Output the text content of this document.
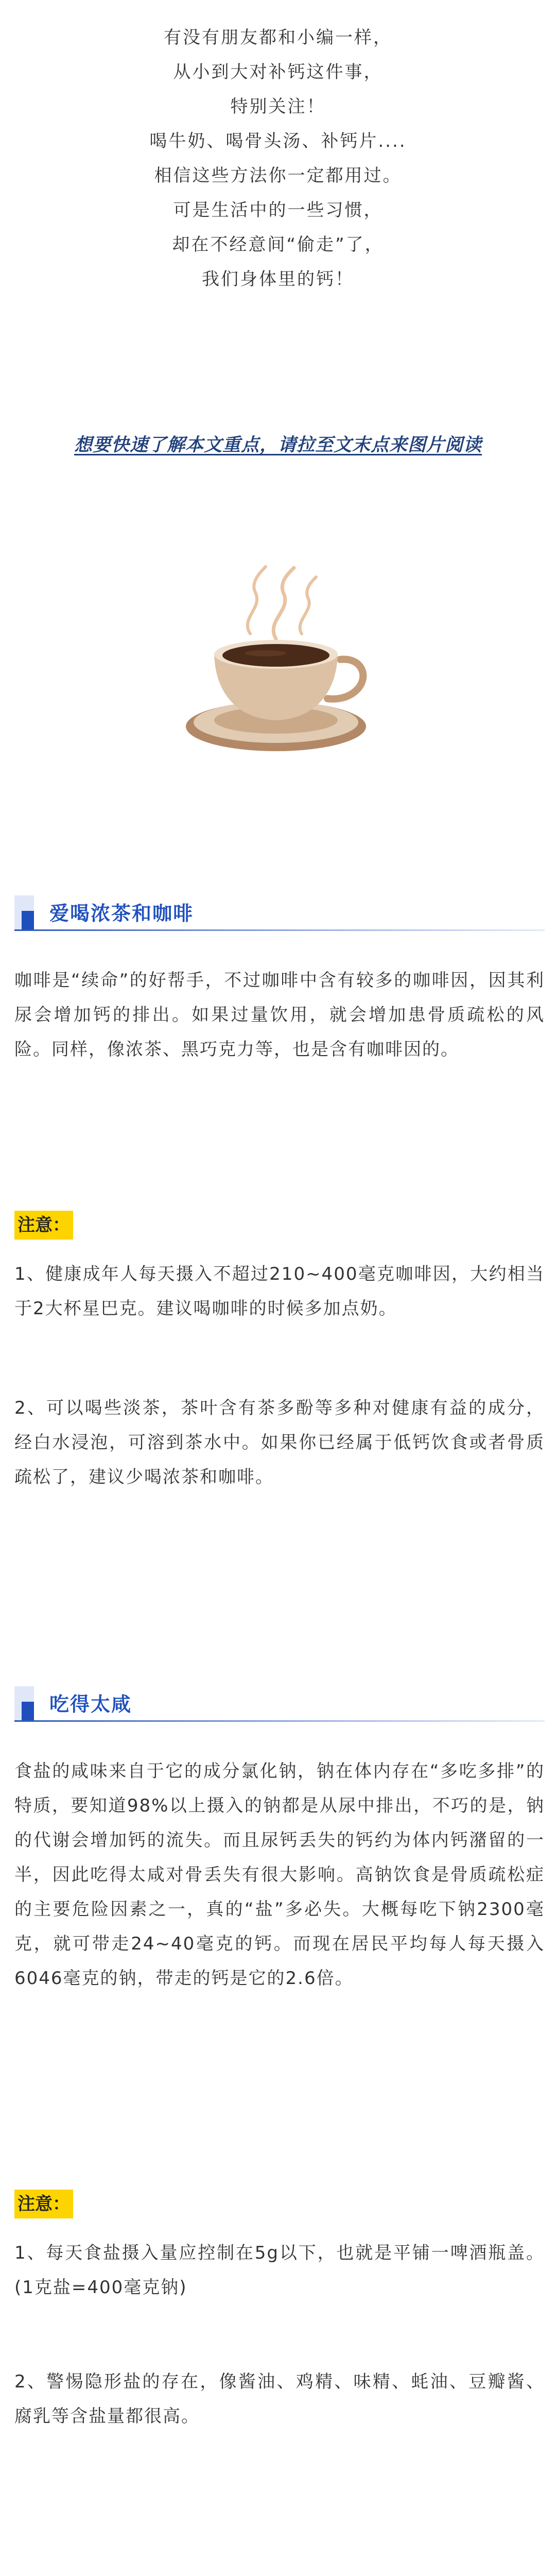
有没有朋友都和小编一样，
从小到大对补钙这件事，
特别关注！
喝牛奶、喝骨头汤、补钙片....
相信这些方法你一定都用过。
可是生活中的一些习惯，
却在不经意间“偷走”了，
我们身体里的钙！
想要快速了解本文重点，请拉至文末点来图片阅读
爱喝浓茶和咖啡
咖啡是“续命”的好帮手，不过咖啡中含有较多的咖啡因，因其利尿会增加钙的排出。如果过量饮用，就会增加患骨质疏松的风险。同样，像浓茶、黑巧克力等，也是含有咖啡因的。
注意：
1、健康成年人每天摄入不超过210~400毫克咖啡因，大约相当于2大杯星巴克。建议喝咖啡的时候多加点奶。
2、可以喝些淡茶，茶叶含有茶多酚等多种对健康有益的成分，经白水浸泡，可溶到茶水中。如果你已经属于低钙饮食或者骨质疏松了，建议少喝浓茶和咖啡。
吃得太咸
食盐的咸味来自于它的成分氯化钠，钠在体内存在“多吃多排”的特质，要知道98%以上摄入的钠都是从尿中排出，不巧的是，钠的代谢会增加钙的流失。而且尿钙丢失的钙约为体内钙潴留的一半，因此吃得太咸对骨丢失有很大影响。高钠饮食是骨质疏松症的主要危险因素之一，真的“盐”多必失。大概每吃下钠2300毫克，就可带走24~40毫克的钙。而现在居民平均每人每天摄入6046毫克的钠，带走的钙是它的2.6倍。
注意：
1、每天食盐摄入量应控制在5g以下，也就是平铺一啤酒瓶盖。(1克盐=400毫克钠)
2、警惕隐形盐的存在，像酱油、鸡精、味精、蚝油、豆瓣酱、腐乳等含盐量都很高。
